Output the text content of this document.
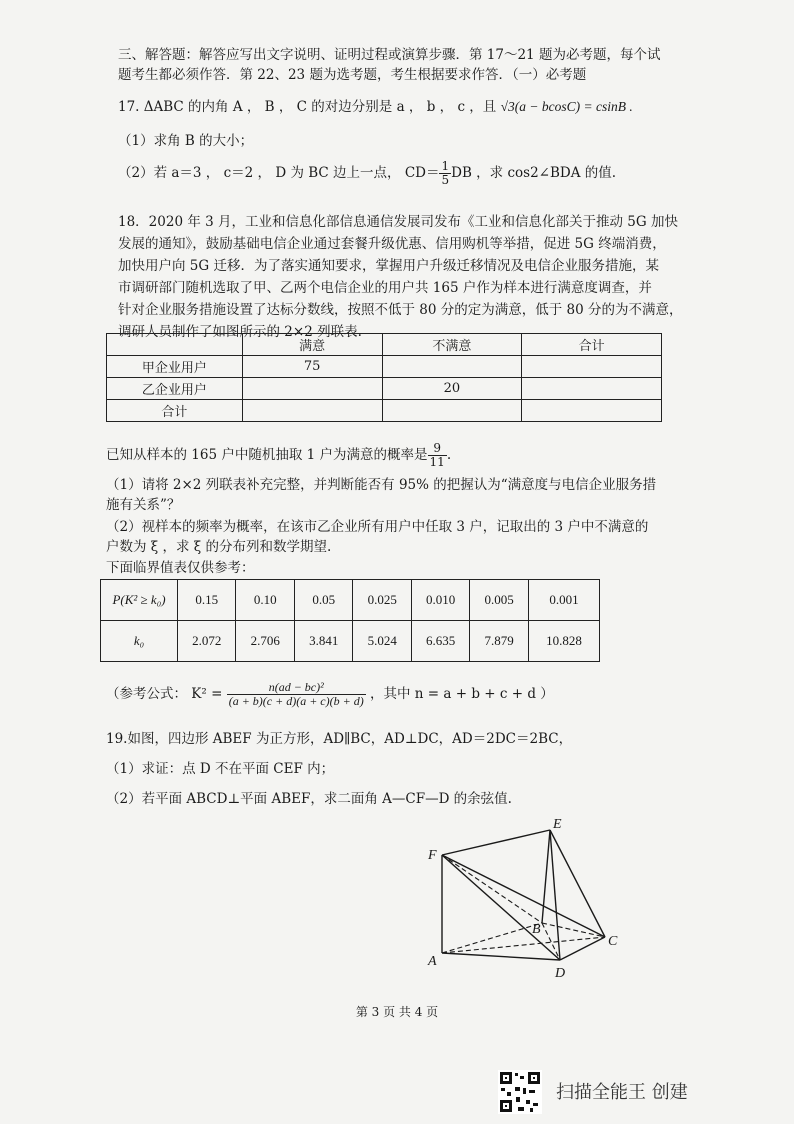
三、解答题：解答应写出文字说明、证明过程或演算步骤．第 17～21 题为必考题，每个试
题考生都必须作答．第 22、23 题为选考题，考生根据要求作答．（一）必考题
17. ΔABC 的内角 A ， B ， C 的对边分别是 a ， b ， c ，且 √3(a − bcosC) = csinB .
（1）求角 B 的大小；
（2）若 a＝3 ， c＝2 ， D 为 BC 边上一点， $CD= \frac{1}{5}$ DB ，求 cos2∠BDA 的值.
18．2020 年 3 月，工业和信息化部信息通信发展司发布《工业和信息化部关于推动 5G 加快
发展的通知》，鼓励基础电信企业通过套餐升级优惠、信用购机等举措，促进 5G 终端消费，
加快用户向 5G 迁移．为了落实通知要求，掌握用户升级迁移情况及电信企业服务措施，某
市调研部门随机选取了甲、乙两个电信企业的用户共 165 户作为样本进行满意度调查，并
针对企业服务措施设置了达标分数线，按照不低于 80 分的定为满意，低于 80 分的为不满意，
调研人员制作了如图所示的 2×2 列联表.
	满意	不满意	合计
甲企业用户	75		
乙企业用户		20	
合计			
已知从样本的 165 户中随机抽取 1 户为满意的概率是 $\frac{9}{11}$ .
（1）请将 2×2 列联表补充完整，并判断能否有 95% 的把握认为“满意度与电信企业服务措
施有关系”？
（2）视样本的频率为概率，在该市乙企业所有用户中任取 3 户，记取出的 3 户中不满意的
户数为 ξ ，求 ξ 的分布列和数学期望.
下面临界值表仅供参考：
P(K² ≥ k₀)	0.15	0.10	0.05	0.025	0.010	0.005	0.001
k₀	2.072	2.706	3.841	5.024	6.635	7.879	10.828
（参考公式： $K^2 = \frac{\text{n(ad − bc)²}}{(a + b)(c + d)(a + c)(b + d)}$ ，其中 n = a + b + c + d ）
19.如图，四边形 ABEF 为正方形，AD∥BC，AD⊥DC，AD＝2DC＝2BC，
（1）求证：点 D 不在平面 CEF 内；
（2）若平面 ABCD⊥平面 ABEF，求二面角 A—CF—D 的余弦值.
E
F
B
C
A
D
第 3 页 共 4 页
扫描全能王 创建
